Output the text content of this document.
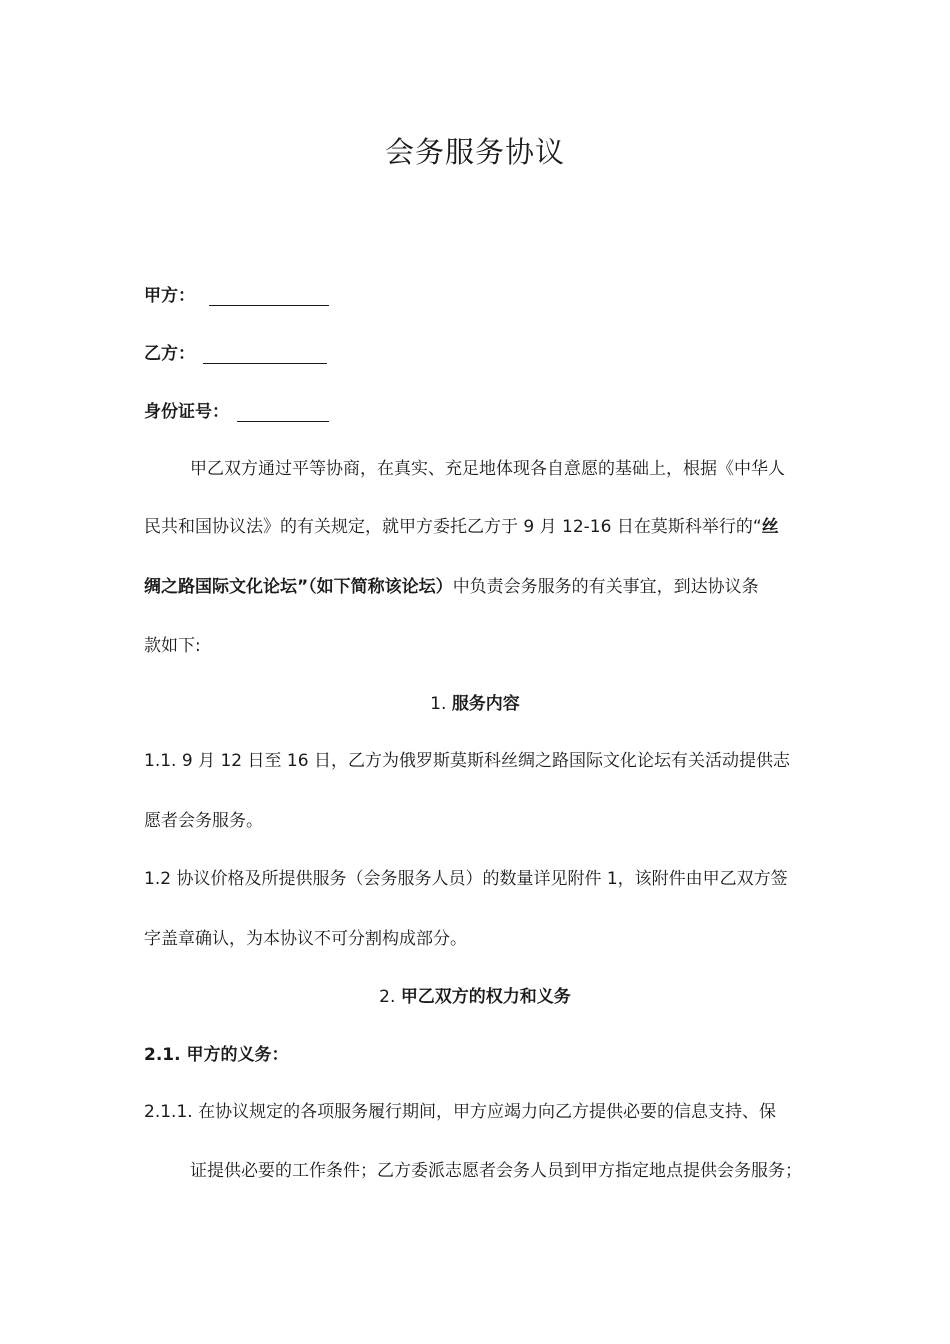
会务服务协议
甲方：
乙方：
身份证号：
甲乙双方通过平等协商，在真实、充足地体现各自意愿的基础上，根据《中华人
民共和国协议法》的有关规定，就甲方委托乙方于 9 月 12-16 日在莫斯科举行的“丝
绸之路国际文化论坛”（如下简称该论坛）中负责会务服务的有关事宜，到达协议条
款如下:
1. 服务内容
1.1. 9 月 12 日至 16 日，乙方为俄罗斯莫斯科丝绸之路国际文化论坛有关活动提供志
愿者会务服务。
1.2 协议价格及所提供服务（会务服务人员）的数量详见附件 1，该附件由甲乙双方签
字盖章确认，为本协议不可分割构成部分。
2. 甲乙双方的权力和义务
2.1. 甲方的义务：
2.1.1. 在协议规定的各项服务履行期间，甲方应竭力向乙方提供必要的信息支持、保
证提供必要的工作条件；乙方委派志愿者会务人员到甲方指定地点提供会务服务；
